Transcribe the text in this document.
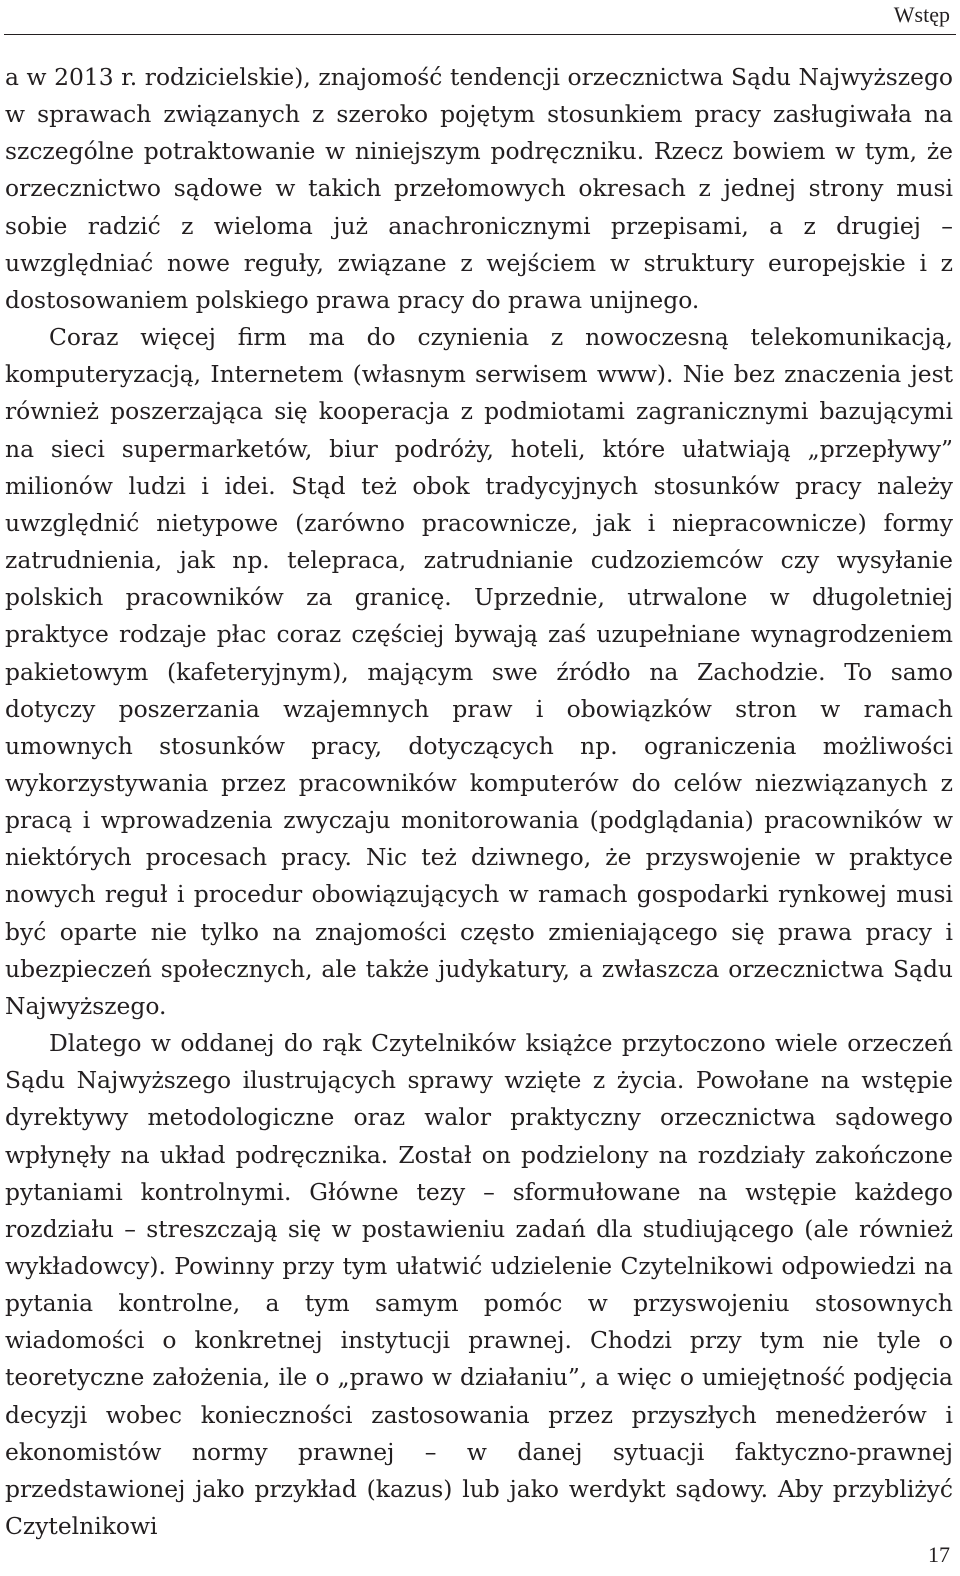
Wstęp

a w 2013 r. rodzicielskie), znajomość tendencji orzecznictwa Sądu Najwyższego w sprawach związanych z szeroko pojętym stosunkiem pracy zasługiwała na szczególne potraktowanie w niniejszym podręczniku. Rzecz bowiem w tym, że orzecznictwo sądowe w takich przełomowych okresach z jednej strony musi sobie radzić z wieloma już anachronicznymi przepisami, a z drugiej – uwzględniać nowe reguły, związane z wejściem w struktury europejskie i z dostosowaniem polskiego prawa pracy do prawa unijnego.

Coraz więcej firm ma do czynienia z nowoczesną telekomunikacją, komputeryzacją, Internetem (własnym serwisem www). Nie bez znaczenia jest również poszerzająca się kooperacja z podmiotami zagranicznymi bazującymi na sieci supermarketów, biur podróży, hoteli, które ułatwiają „przepływy” milionów ludzi i idei. Stąd też obok tradycyjnych stosunków pracy należy uwzględnić nietypowe (zarówno pracownicze, jak i niepracownicze) formy zatrudnienia, jak np. telepraca, zatrudnianie cudzoziemców czy wysyłanie polskich pracowników za granicę. Uprzednie, utrwalone w długoletniej praktyce rodzaje płac coraz częściej bywają zaś uzupełniane wynagrodzeniem pakietowym (kafeteryjnym), mającym swe źródło na Zachodzie. To samo dotyczy poszerzania wzajemnych praw i obowiązków stron w ramach umownych stosunków pracy, dotyczących np. ograniczenia możliwości wykorzystywania przez pracowników komputerów do celów niezwiązanych z pracą i wprowadzenia zwyczaju monitorowania (podglądania) pracowników w niektórych procesach pracy. Nic też dziwnego, że przyswojenie w praktyce nowych reguł i procedur obowiązujących w ramach gospodarki rynkowej musi być oparte nie tylko na znajomości często zmieniającego się prawa pracy i ubezpieczeń społecznych, ale także judykatury, a zwłaszcza orzecznictwa Sądu Najwyższego.

Dlatego w oddanej do rąk Czytelników książce przytoczono wiele orzeczeń Sądu Najwyższego ilustrujących sprawy wzięte z życia. Powołane na wstępie dyrektywy metodologiczne oraz walor praktyczny orzecznictwa sądowego wpłynęły na układ podręcznika. Został on podzielony na rozdziały zakończone pytaniami kontrolnymi. Główne tezy – sformułowane na wstępie każdego rozdziału – streszczają się w postawieniu zadań dla studiującego (ale również wykładowcy). Powinny przy tym ułatwić udzielenie Czytelnikowi odpowiedzi na pytania kontrolne, a tym samym pomóc w przyswojeniu stosownych wiadomości o konkretnej instytucji prawnej. Chodzi przy tym nie tyle o teoretyczne założenia, ile o „prawo w działaniu”, a więc o umiejętność podjęcia decyzji wobec konieczności zastosowania przez przyszłych menedżerów i ekonomistów normy prawnej – w danej sytuacji faktyczno-prawnej przedstawionej jako przykład (kazus) lub jako werdykt sądowy. Aby przybliżyć Czytelnikowi

17
